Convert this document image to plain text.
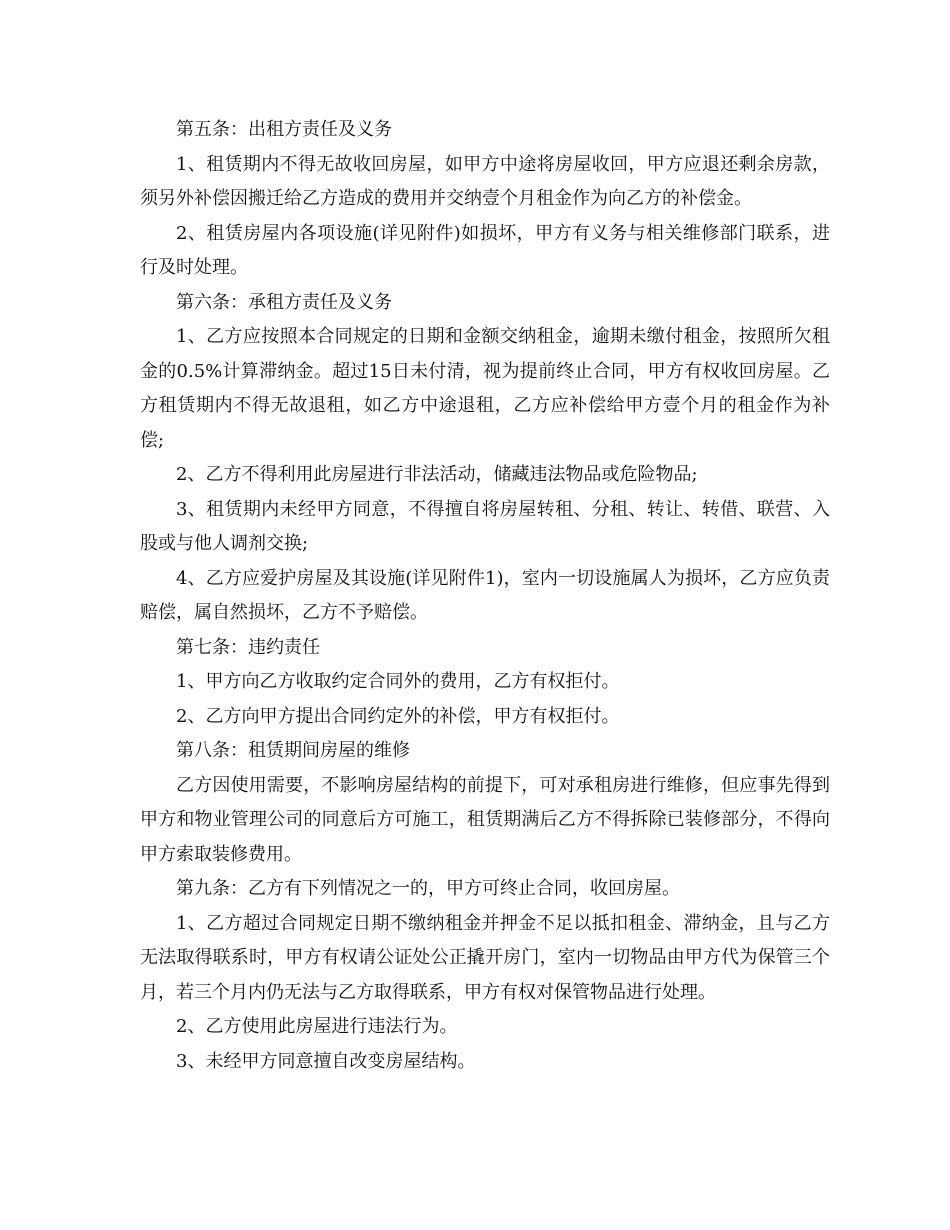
第五条：出租方责任及义务

1、租赁期内不得无故收回房屋，如甲方中途将房屋收回，甲方应退还剩余房款，须另外补偿因搬迁给乙方造成的费用并交纳壹个月租金作为向乙方的补偿金。

2、租赁房屋内各项设施(详见附件)如损坏，甲方有义务与相关维修部门联系，进行及时处理。

第六条：承租方责任及义务

1、乙方应按照本合同规定的日期和金额交纳租金，逾期未缴付租金，按照所欠租金的0.5%计算滞纳金。超过15日未付清，视为提前终止合同，甲方有权收回房屋。乙方租赁期内不得无故退租，如乙方中途退租，乙方应补偿给甲方壹个月的租金作为补偿;

2、乙方不得利用此房屋进行非法活动，储藏违法物品或危险物品;

3、租赁期内未经甲方同意，不得擅自将房屋转租、分租、转让、转借、联营、入股或与他人调剂交换;

4、乙方应爱护房屋及其设施(详见附件1)，室内一切设施属人为损坏，乙方应负责赔偿，属自然损坏，乙方不予赔偿。

第七条：违约责任

1、甲方向乙方收取约定合同外的费用，乙方有权拒付。

2、乙方向甲方提出合同约定外的补偿，甲方有权拒付。

第八条：租赁期间房屋的维修

乙方因使用需要，不影响房屋结构的前提下，可对承租房进行维修，但应事先得到甲方和物业管理公司的同意后方可施工，租赁期满后乙方不得拆除已装修部分，不得向甲方索取装修费用。

第九条：乙方有下列情况之一的，甲方可终止合同，收回房屋。

1、乙方超过合同规定日期不缴纳租金并押金不足以抵扣租金、滞纳金，且与乙方无法取得联系时，甲方有权请公证处公正撬开房门，室内一切物品由甲方代为保管三个月，若三个月内仍无法与乙方取得联系，甲方有权对保管物品进行处理。

2、乙方使用此房屋进行违法行为。

3、未经甲方同意擅自改变房屋结构。
